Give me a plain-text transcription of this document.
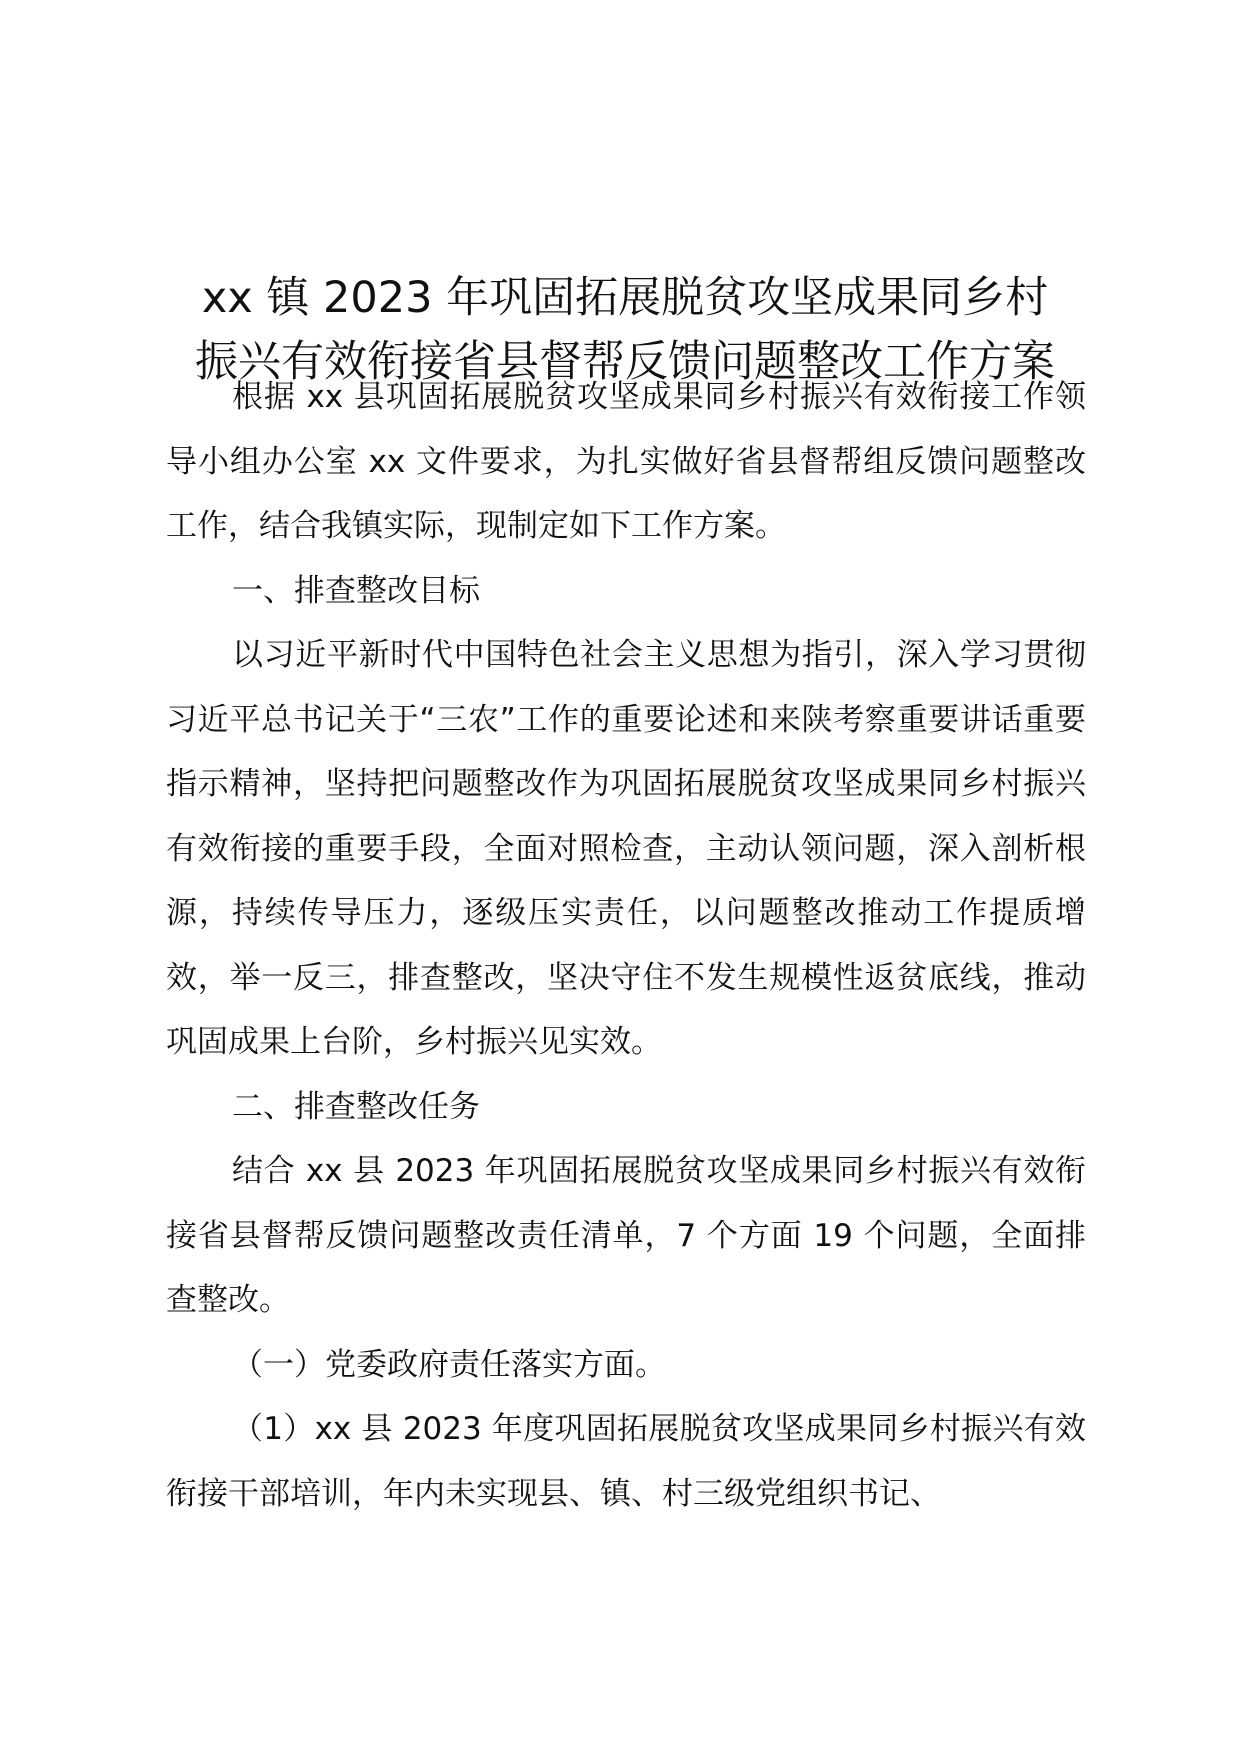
xx 镇 2023 年巩固拓展脱贫攻坚成果同乡村
振兴有效衔接省县督帮反馈问题整改工作方案

根据 xx 县巩固拓展脱贫攻坚成果同乡村振兴有效衔接工作领导小组办公室 xx 文件要求，为扎实做好省县督帮组反馈问题整改工作，结合我镇实际，现制定如下工作方案。

一、排查整改目标

以习近平新时代中国特色社会主义思想为指引，深入学习贯彻习近平总书记关于“三农”工作的重要论述和来陕考察重要讲话重要指示精神，坚持把问题整改作为巩固拓展脱贫攻坚成果同乡村振兴有效衔接的重要手段，全面对照检查，主动认领问题，深入剖析根源，持续传导压力，逐级压实责任，以问题整改推动工作提质增效，举一反三，排查整改，坚决守住不发生规模性返贫底线，推动巩固成果上台阶，乡村振兴见实效。

二、排查整改任务

结合 xx 县 2023 年巩固拓展脱贫攻坚成果同乡村振兴有效衔接省县督帮反馈问题整改责任清单，7 个方面 19 个问题，全面排查整改。

（一）党委政府责任落实方面。

（1）xx 县 2023 年度巩固拓展脱贫攻坚成果同乡村振兴有效衔接干部培训，年内未实现县、镇、村三级党组织书记、
